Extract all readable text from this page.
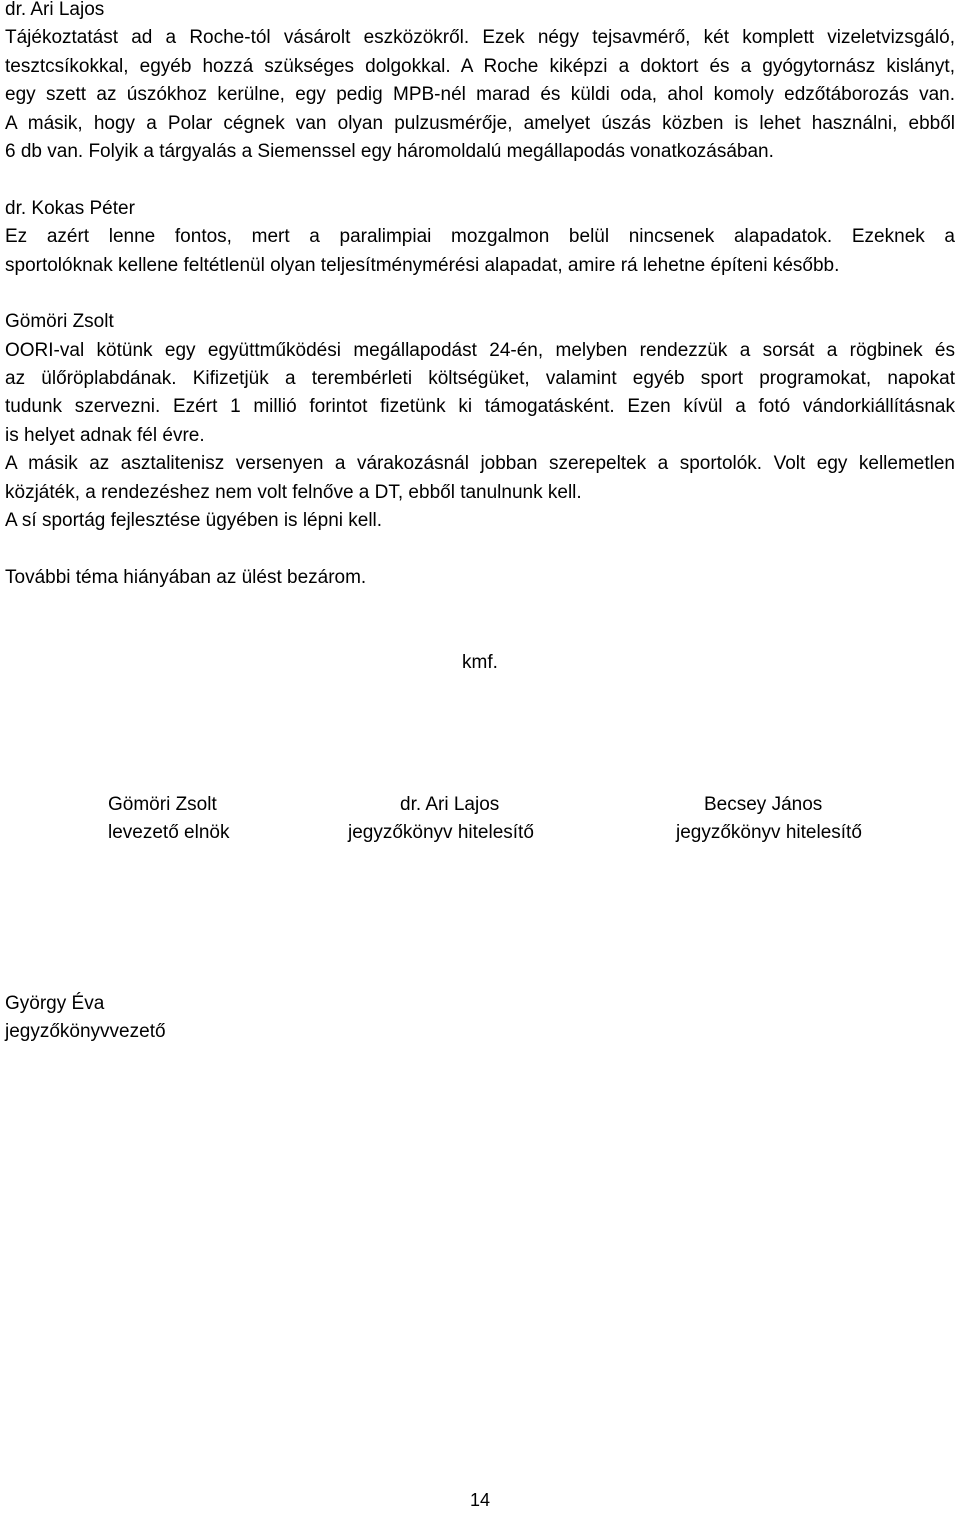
dr. Ari Lajos
Tájékoztatást ad a Roche-tól vásárolt eszközökről. Ezek négy tejsavmérő, két komplett vizeletvizsgáló,
tesztcsíkokkal, egyéb hozzá szükséges dolgokkal. A Roche kiképzi a doktort és a gyógytornász kislányt,
egy szett az úszókhoz kerülne, egy pedig MPB-nél marad és küldi oda, ahol komoly edzőtáborozás van.
A másik, hogy a Polar cégnek van olyan pulzusmérője, amelyet úszás közben is lehet használni, ebből
6 db van. Folyik a tárgyalás a Siemenssel egy háromoldalú megállapodás vonatkozásában.
dr. Kokas Péter
Ez azért lenne fontos, mert a paralimpiai mozgalmon belül nincsenek alapadatok. Ezeknek a
sportolóknak kellene feltétlenül olyan teljesítménymérési alapadat, amire rá lehetne építeni később.
Gömöri Zsolt
OORI-val kötünk egy együttműködési megállapodást 24-én, melyben rendezzük a sorsát a rögbinek és
az ülőröplabdának. Kifizetjük a terembérleti költségüket, valamint egyéb sport programokat, napokat
tudunk szervezni. Ezért 1 millió forintot fizetünk ki támogatásként. Ezen kívül a fotó vándorkiállításnak
is helyet adnak fél évre.
A másik az asztalitenisz versenyen a várakozásnál jobban szerepeltek a sportolók. Volt egy kellemetlen
közjáték, a rendezéshez nem volt felnőve a DT, ebből tanulnunk kell.
A sí sportág fejlesztése ügyében is lépni kell.
További téma hiányában az ülést bezárom.
kmf.
Gömöri Zsolt	dr. Ari Lajos	Becsey János
levezető elnök	jegyzőkönyv hitelesítő	jegyzőkönyv hitelesítő
György Éva
jegyzőkönyvvezető
14
